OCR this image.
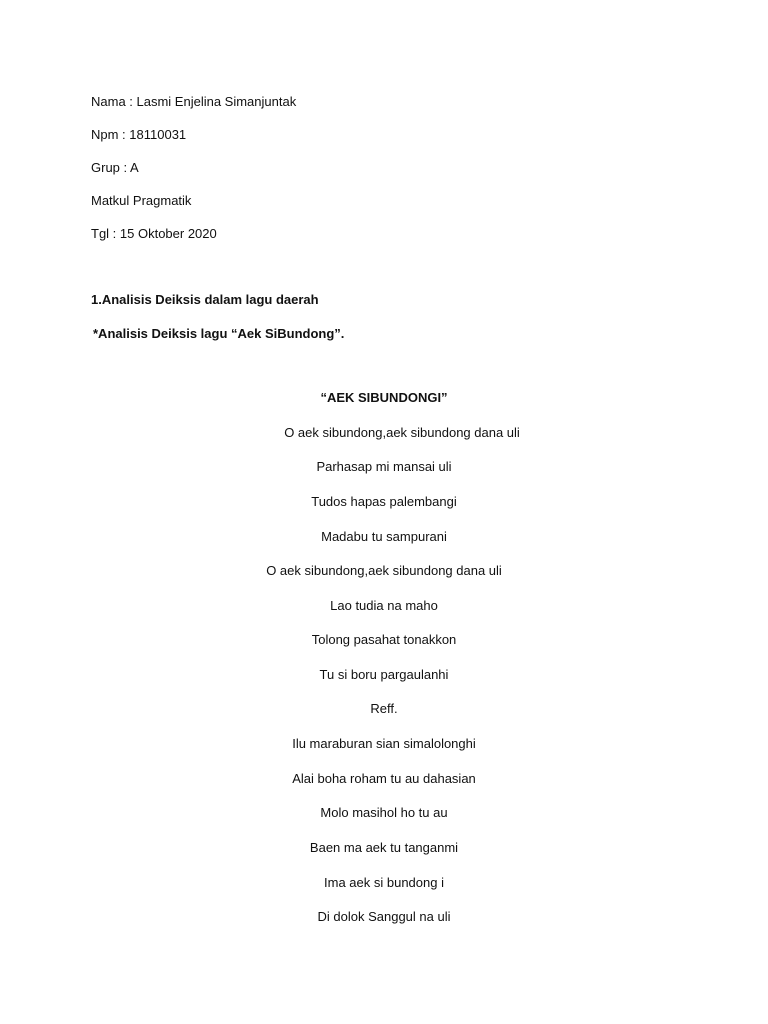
Nama : Lasmi Enjelina Simanjuntak
Npm : 18110031
Grup : A
Matkul Pragmatik
Tgl : 15 Oktober 2020
1.Analisis Deiksis dalam lagu daerah
*Analisis Deiksis lagu “Aek SiBundong”.
“AEK SIBUNDONGI”
O aek sibundong,aek sibundong dana uli
Parhasap mi mansai uli
Tudos hapas palembangi
Madabu tu sampurani
O aek sibundong,aek sibundong dana uli
Lao tudia na maho
Tolong pasahat tonakkon
Tu si boru pargaulanhi
Reff.
Ilu maraburan sian simalolonghi
Alai boha roham tu au dahasian
Molo masihol ho tu au
Baen ma aek tu tanganmi
Ima aek si bundong i
Di dolok Sanggul na uli
